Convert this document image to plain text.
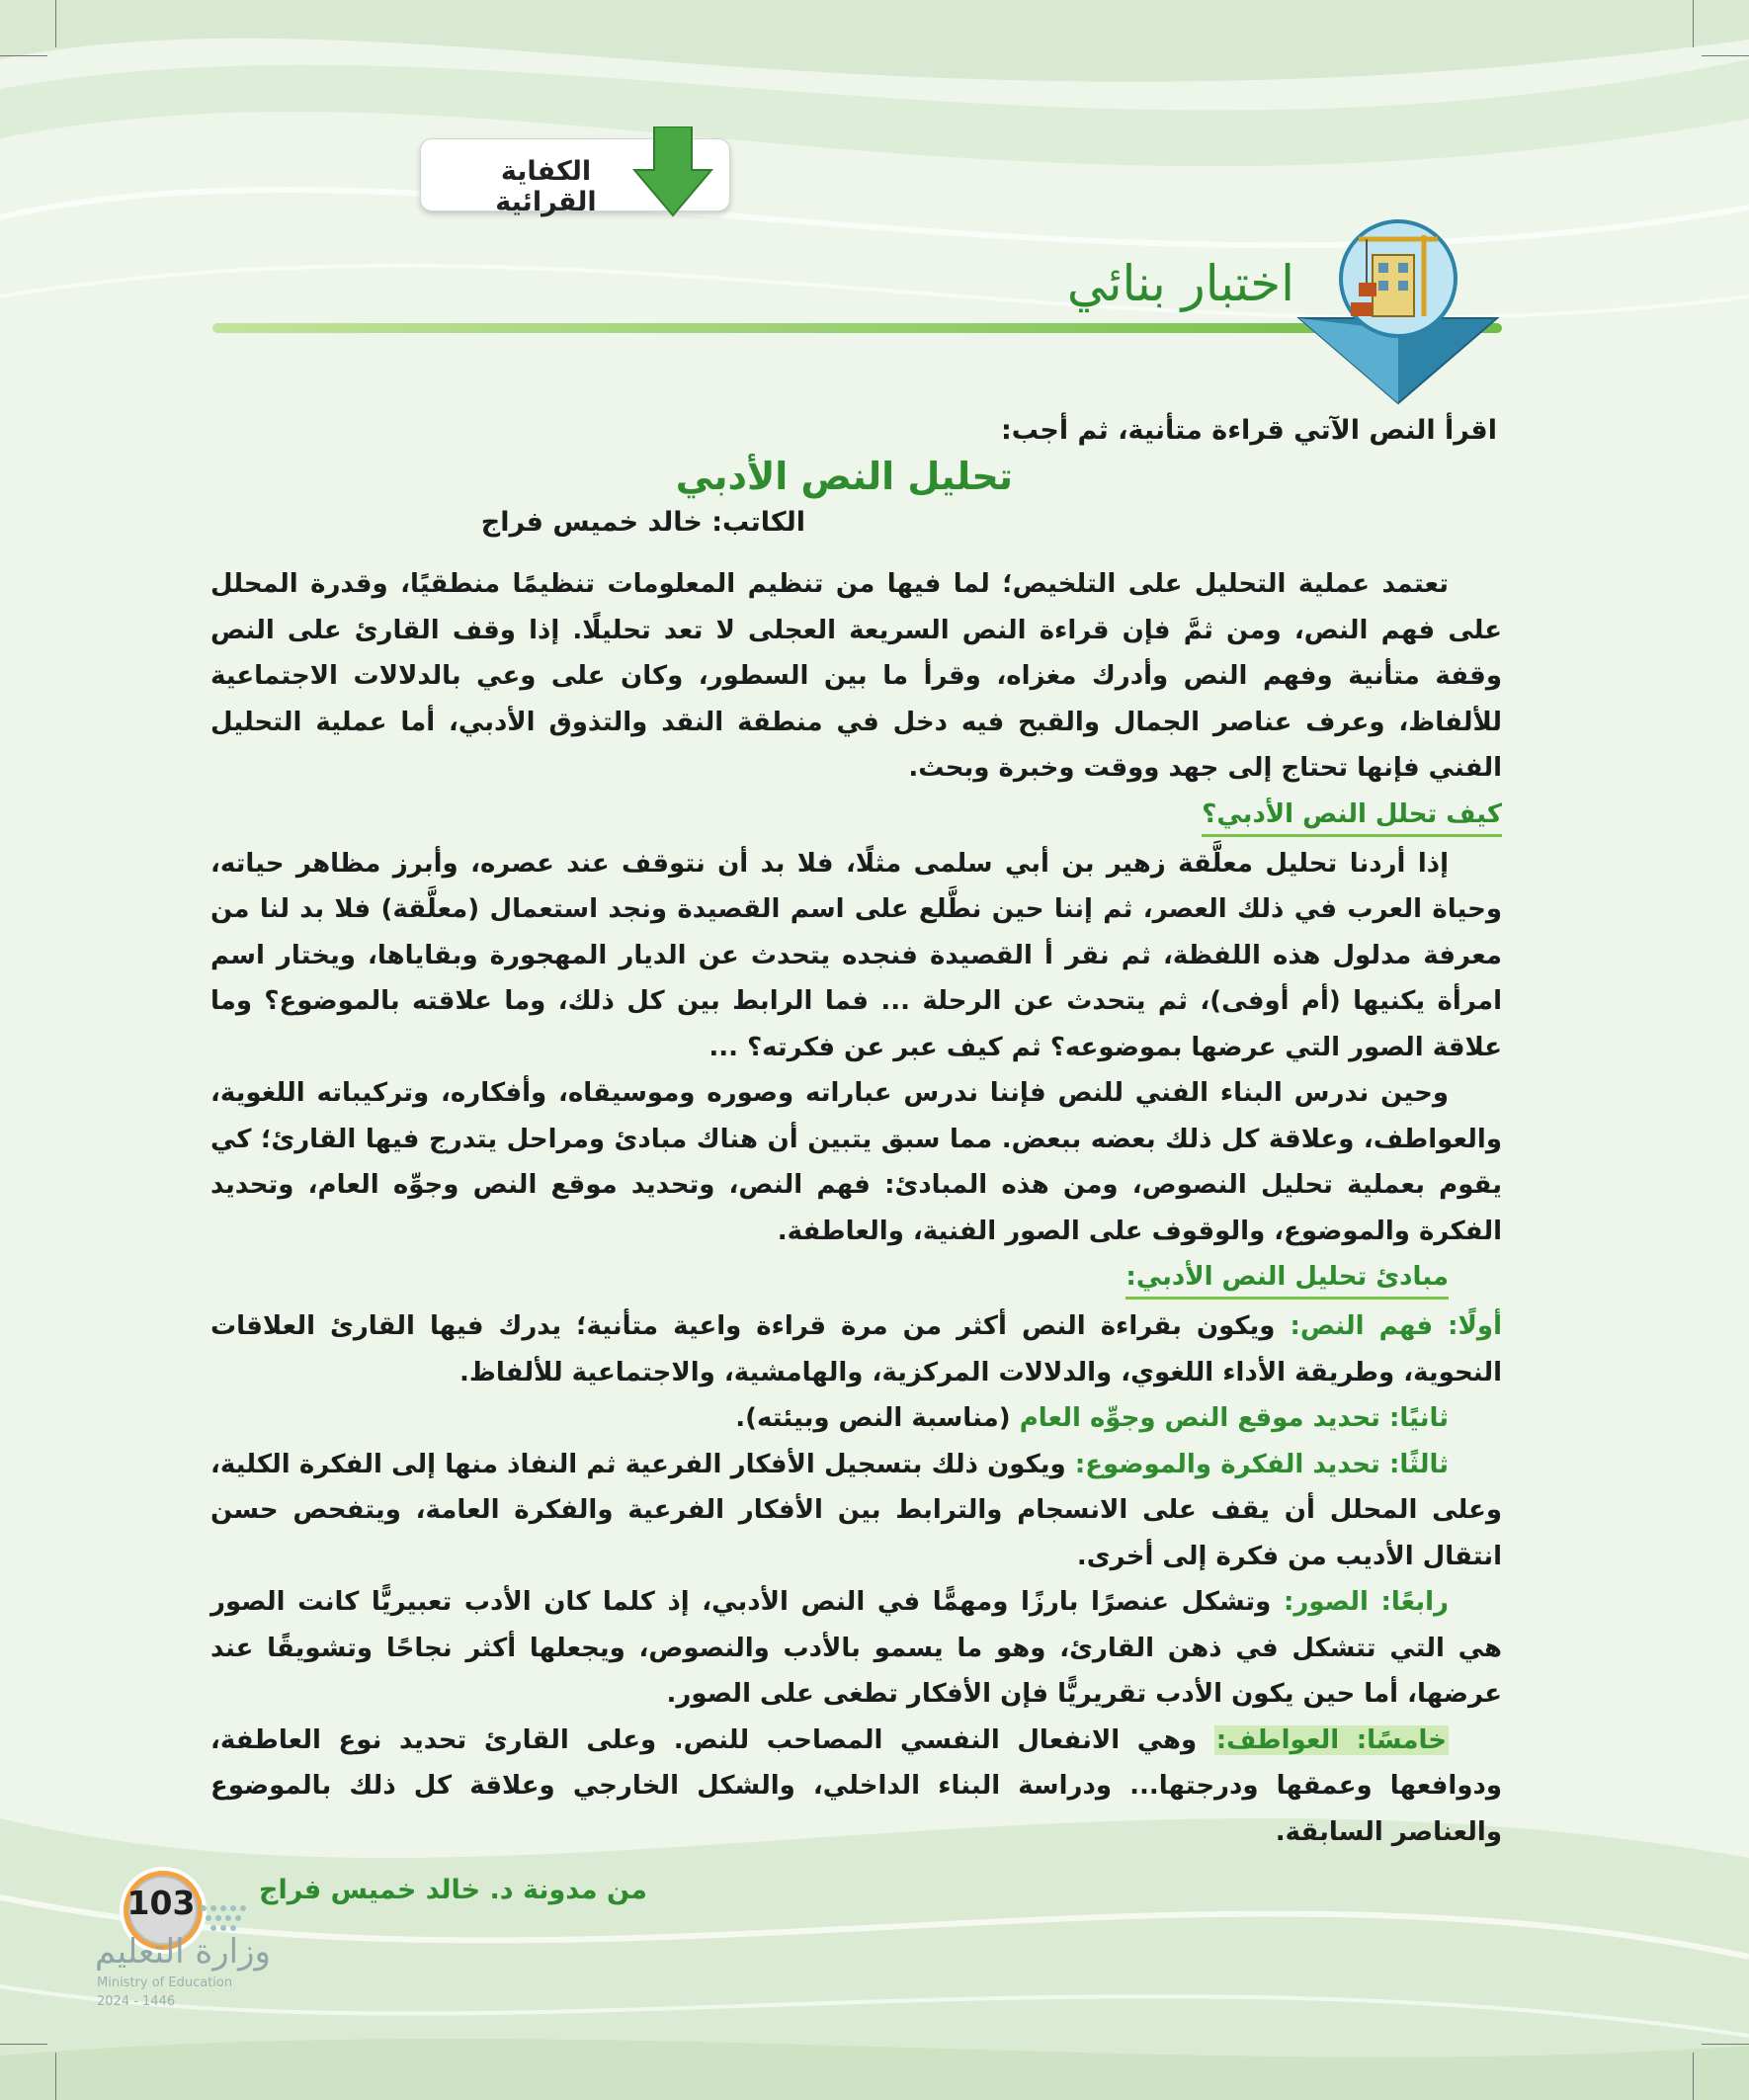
الكفاية القرائية
اختبار بنائي
اقرأ النص الآتي قراءة متأنية، ثم أجب:
تحليل النص الأدبي
الكاتب: خالد خميس فراج

تعتمد عملية التحليل على التلخيص؛ لما فيها من تنظيم المعلومات تنظيمًا منطقيًا، وقدرة المحلل على فهم النص، ومن ثمَّ فإن قراءة النص السريعة العجلى لا تعد تحليلًا. إذا وقف القارئ على النص وقفة متأنية وفهم النص وأدرك مغزاه، وقرأ ما بين السطور، وكان على وعي بالدلالات الاجتماعية للألفاظ، وعرف عناصر الجمال والقبح فيه دخل في منطقة النقد والتذوق الأدبي، أما عملية التحليل الفني فإنها تحتاج إلى جهد ووقت وخبرة وبحث.

كيف تحلل النص الأدبي؟

إذا أردنا تحليل معلَّقة زهير بن أبي سلمى مثلًا، فلا بد أن نتوقف عند عصره، وأبرز مظاهر حياته، وحياة العرب في ذلك العصر، ثم إننا حين نطَّلع على اسم القصيدة ونجد استعمال (معلَّقة) فلا بد لنا من معرفة مدلول هذه اللفظة، ثم نقر أ القصيدة فنجده يتحدث عن الديار المهجورة وبقاياها، ويختار اسم امرأة يكنيها (أم أوفى)، ثم يتحدث عن الرحلة ... فما الرابط بين كل ذلك، وما علاقته بالموضوع؟ وما علاقة الصور التي عرضها بموضوعه؟ ثم كيف عبر عن فكرته؟ ...

وحين ندرس البناء الفني للنص فإننا ندرس عباراته وصوره وموسيقاه، وأفكاره، وتركيباته اللغوية، والعواطف، وعلاقة كل ذلك بعضه ببعض. مما سبق يتبين أن هناك مبادئ ومراحل يتدرج فيها القارئ؛ كي يقوم بعملية تحليل النصوص، ومن هذه المبادئ: فهم النص، وتحديد موقع النص وجوِّه العام، وتحديد الفكرة والموضوع، والوقوف على الصور الفنية، والعاطفة.

مبادئ تحليل النص الأدبي:

أولًا: فهم النص: ويكون بقراءة النص أكثر من مرة قراءة واعية متأنية؛ يدرك فيها القارئ العلاقات النحوية، وطريقة الأداء اللغوي، والدلالات المركزية، والهامشية، والاجتماعية للألفاظ.

ثانيًا: تحديد موقع النص وجوِّه العام (مناسبة النص وبيئته).

ثالثًا: تحديد الفكرة والموضوع: ويكون ذلك بتسجيل الأفكار الفرعية ثم النفاذ منها إلى الفكرة الكلية، وعلى المحلل أن يقف على الانسجام والترابط بين الأفكار الفرعية والفكرة العامة، ويتفحص حسن انتقال الأديب من فكرة إلى أخرى.

رابعًا: الصور: وتشكل عنصرًا بارزًا ومهمًّا في النص الأدبي، إذ كلما كان الأدب تعبيريًّا كانت الصور هي التي تتشكل في ذهن القارئ، وهو ما يسمو بالأدب والنصوص، ويجعلها أكثر نجاحًا وتشويقًا عند عرضها، أما حين يكون الأدب تقريريًّا فإن الأفكار تطغى على الصور.

خامسًا: العواطف: وهي الانفعال النفسي المصاحب للنص. وعلى القارئ تحديد نوع العاطفة، ودوافعها وعمقها ودرجتها... ودراسة البناء الداخلي، والشكل الخارجي وعلاقة كل ذلك بالموضوع والعناصر السابقة.

من مدونة د. خالد خميس فراج
103
وزارة التعليم
Ministry of Education
2024 - 1446
